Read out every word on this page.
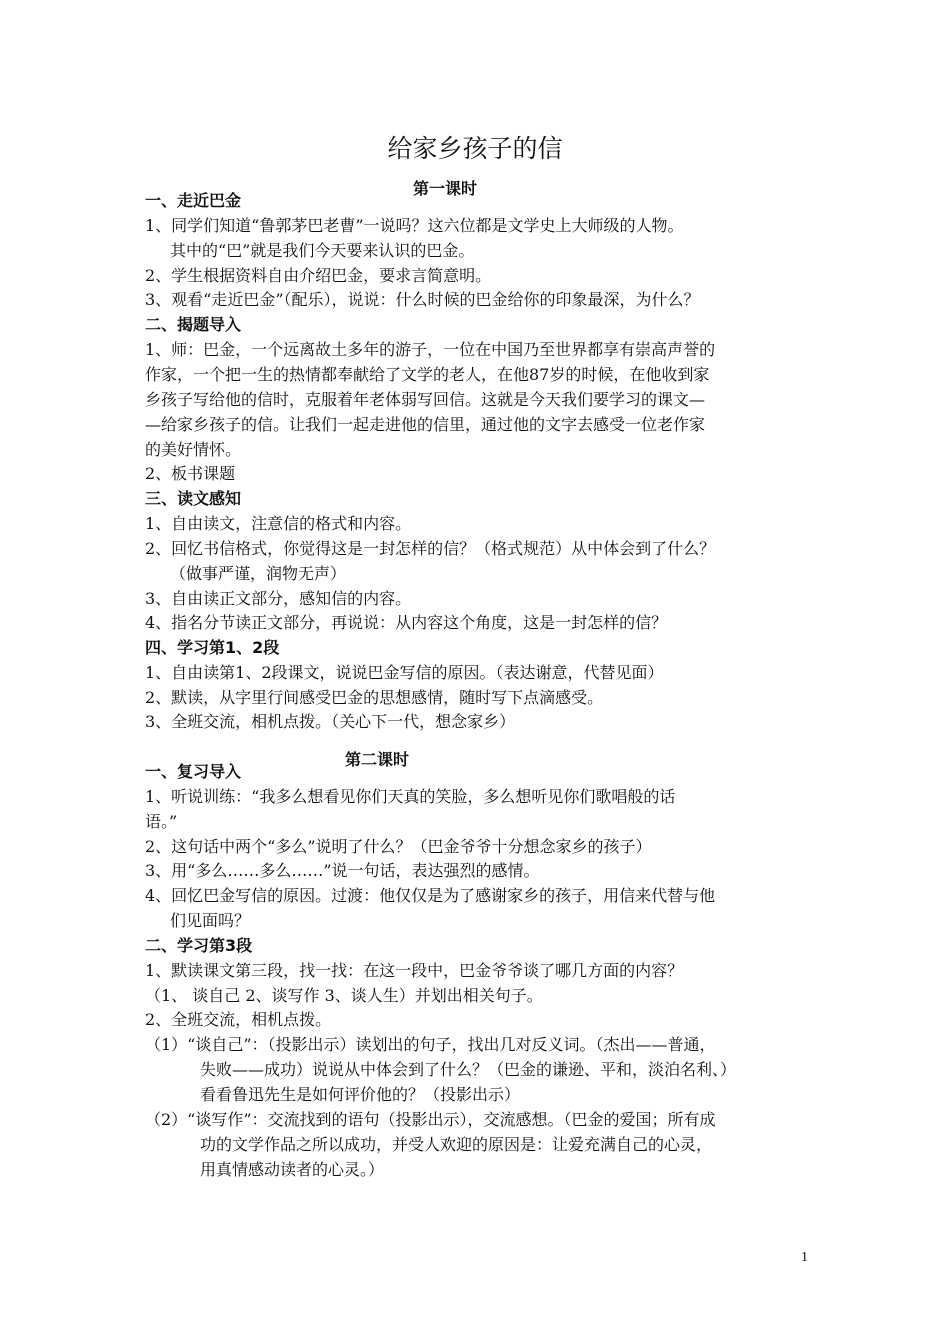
给家乡孩子的信
第一课时
第二课时
一、走近巴金
1、同学们知道“鲁郭茅巴老曹”一说吗？这六位都是文学史上大师级的人物。
其中的“巴”就是我们今天要来认识的巴金。
2、学生根据资料自由介绍巴金，要求言简意明。
3、观看“走近巴金”（配乐），说说：什么时候的巴金给你的印象最深，为什么？
二、揭题导入
1、师：巴金，一个远离故土多年的游子，一位在中国乃至世界都享有崇高声誉的
作家，一个把一生的热情都奉献给了文学的老人，在他87岁的时候，在他收到家
乡孩子写给他的信时，克服着年老体弱写回信。这就是今天我们要学习的课文—
—给家乡孩子的信。让我们一起走进他的信里，通过他的文字去感受一位老作家
的美好情怀。
2、板书课题
三、读文感知
1、自由读文，注意信的格式和内容。
2、回忆书信格式，你觉得这是一封怎样的信？（格式规范）从中体会到了什么？
（做事严谨，润物无声）
3、自由读正文部分，感知信的内容。
4、指名分节读正文部分，再说说：从内容这个角度，这是一封怎样的信？
四、学习第1、2段
1、自由读第1、2段课文，说说巴金写信的原因。（表达谢意，代替见面）
2、默读，从字里行间感受巴金的思想感情，随时写下点滴感受。
3、全班交流，相机点拨。（关心下一代，想念家乡）
一、复习导入
1、听说训练：“我多么想看见你们天真的笑脸，多么想听见你们歌唱般的话
语。”
2、这句话中两个“多么”说明了什么？（巴金爷爷十分想念家乡的孩子）
3、用“多么……多么……”说一句话，表达强烈的感情。
4、回忆巴金写信的原因。过渡：他仅仅是为了感谢家乡的孩子，用信来代替与他
们见面吗？
二、学习第3段
1、默读课文第三段，找一找：在这一段中，巴金爷爷谈了哪几方面的内容？
（1、 谈自己 2、谈写作 3、谈人生）并划出相关句子。
2、全班交流，相机点拨。
（1）“谈自己”：（投影出示）读划出的句子，找出几对反义词。（杰出——普通，
失败——成功）说说从中体会到了什么？（巴金的谦逊、平和，淡泊名利、）
看看鲁迅先生是如何评价他的？（投影出示）
（2）“谈写作”：交流找到的语句（投影出示），交流感想。（巴金的爱国；所有成
功的文学作品之所以成功，并受人欢迎的原因是：让爱充满自己的心灵，
用真情感动读者的心灵。）
1
